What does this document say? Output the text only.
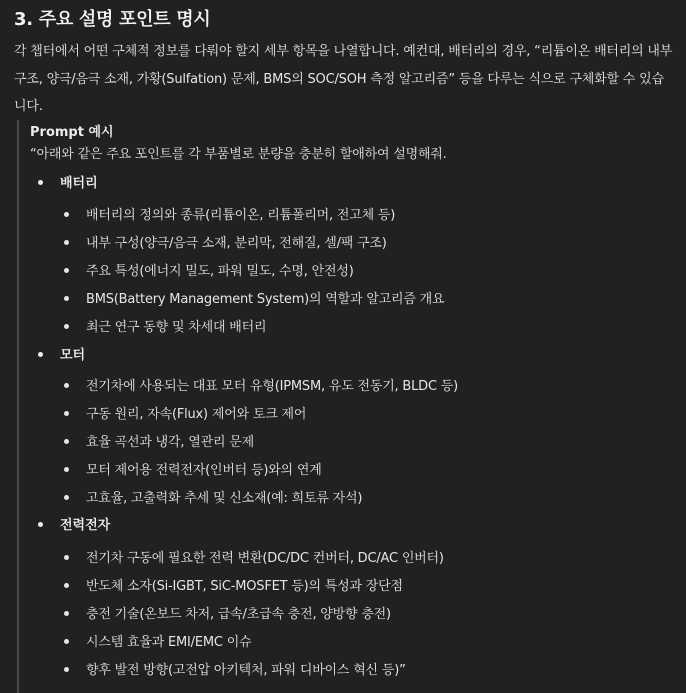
3. 주요 설명 포인트 명시
각 챕터에서 어떤 구체적 정보를 다뤄야 할지 세부 항목을 나열합니다. 예컨대, 배터리의 경우, “리튬이온 배터리의 내부구조, 양극/음극 소재, 가황(Sulfation) 문제, BMS의 SOC/SOH 측정 알고리즘” 등을 다루는 식으로 구체화할 수 있습니다.
Prompt 예시
“아래와 같은 주요 포인트를 각 부품별로 분량을 충분히 할애하여 설명해줘.
배터리
배터리의 정의와 종류(리튬이온, 리튬폴리머, 전고체 등)
내부 구성(양극/음극 소재, 분리막, 전해질, 셀/팩 구조)
주요 특성(에너지 밀도, 파워 밀도, 수명, 안전성)
BMS(Battery Management System)의 역할과 알고리즘 개요
최근 연구 동향 및 차세대 배터리
모터
전기차에 사용되는 대표 모터 유형(IPMSM, 유도 전동기, BLDC 등)
구동 원리, 자속(Flux) 제어와 토크 제어
효율 곡선과 냉각, 열관리 문제
모터 제어용 전력전자(인버터 등)와의 연계
고효율, 고출력화 추세 및 신소재(예: 희토류 자석)
전력전자
전기차 구동에 필요한 전력 변환(DC/DC 컨버터, DC/AC 인버터)
반도체 소자(Si-IGBT, SiC-MOSFET 등)의 특성과 장단점
충전 기술(온보드 차저, 급속/초급속 충전, 양방향 충전)
시스템 효율과 EMI/EMC 이슈
향후 발전 방향(고전압 아키텍처, 파워 디바이스 혁신 등)”
